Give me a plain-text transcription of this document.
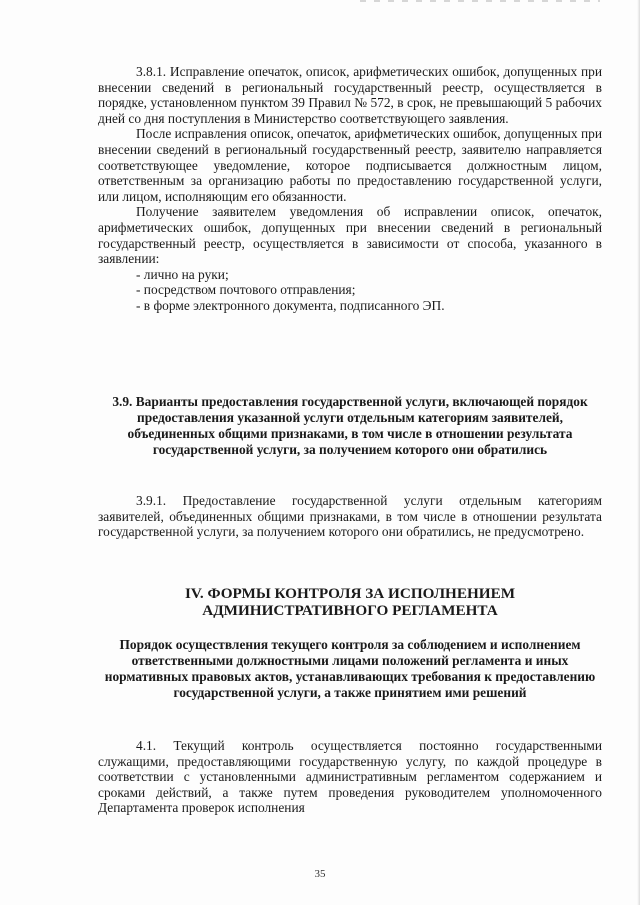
3.8.1. Исправление опечаток, описок, арифметических ошибок, допущенных при внесении сведений в региональный государственный реестр, осуществляется в порядке, установленном пунктом 39 Правил № 572, в срок, не превышающий 5 рабочих дней со дня поступления в Министерство соответствующего заявления.

После исправления описок, опечаток, арифметических ошибок, допущенных при внесении сведений в региональный государственный реестр, заявителю направляется соответствующее уведомление, которое подписывается должностным лицом, ответственным за организацию работы по предоставлению государственной услуги, или лицом, исполняющим его обязанности.

Получение заявителем уведомления об исправлении описок, опечаток, арифметических ошибок, допущенных при внесении сведений в региональный государственный реестр, осуществляется в зависимости от способа, указанного в заявлении:

- лично на руки;
- посредством почтового отправления;
- в форме электронного документа, подписанного ЭП.
3.9. Варианты предоставления государственной услуги, включающей порядок предоставления указанной услуги отдельным категориям заявителей, объединенных общими признаками, в том числе в отношении результата государственной услуги, за получением которого они обратились

3.9.1. Предоставление государственной услуги отдельным категориям заявителей, объединенных общими признаками, в том числе в отношении результата государственной услуги, за получением которого они обратились, не предусмотрено.

IV. ФОРМЫ КОНТРОЛЯ ЗА ИСПОЛНЕНИЕМ АДМИНИСТРАТИВНОГО РЕГЛАМЕНТА
Порядок осуществления текущего контроля за соблюдением и исполнением ответственными должностными лицами положений регламента и иных нормативных правовых актов, устанавливающих требования к предоставлению государственной услуги, а также принятием ими решений

4.1. Текущий контроль осуществляется постоянно государственными служащими, предоставляющими государственную услугу, по каждой процедуре в соответствии с установленными административным регламентом содержанием и сроками действий, а также путем проведения руководителем уполномоченного Департамента проверок исполнения

35
